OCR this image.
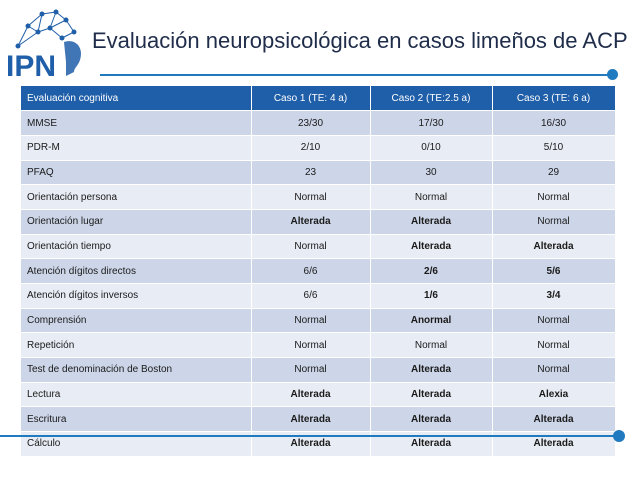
IPN
Evaluación neuropsicológica en casos limeños de ACP
Evaluación cognitiva	Caso 1 (TE: 4 a)	Caso 2 (TE:2.5 a)	Caso 3 (TE: 6 a)
MMSE	23/30	17/30	16/30
PDR-M	2/10	0/10	5/10
PFAQ	23	30	29
Orientación persona	Normal	Normal	Normal
Orientación lugar	Alterada	Alterada	Normal
Orientación tiempo	Normal	Alterada	Alterada
Atención dígitos directos	6/6	2/6	5/6
Atención dígitos inversos	6/6	1/6	3/4
Comprensión	Normal	Anormal	Normal
Repetición	Normal	Normal	Normal
Test de denominación de Boston	Normal	Alterada	Normal
Lectura	Alterada	Alterada	Alexia
Escritura	Alterada	Alterada	Alterada
Cálculo	Alterada	Alterada	Alterada
